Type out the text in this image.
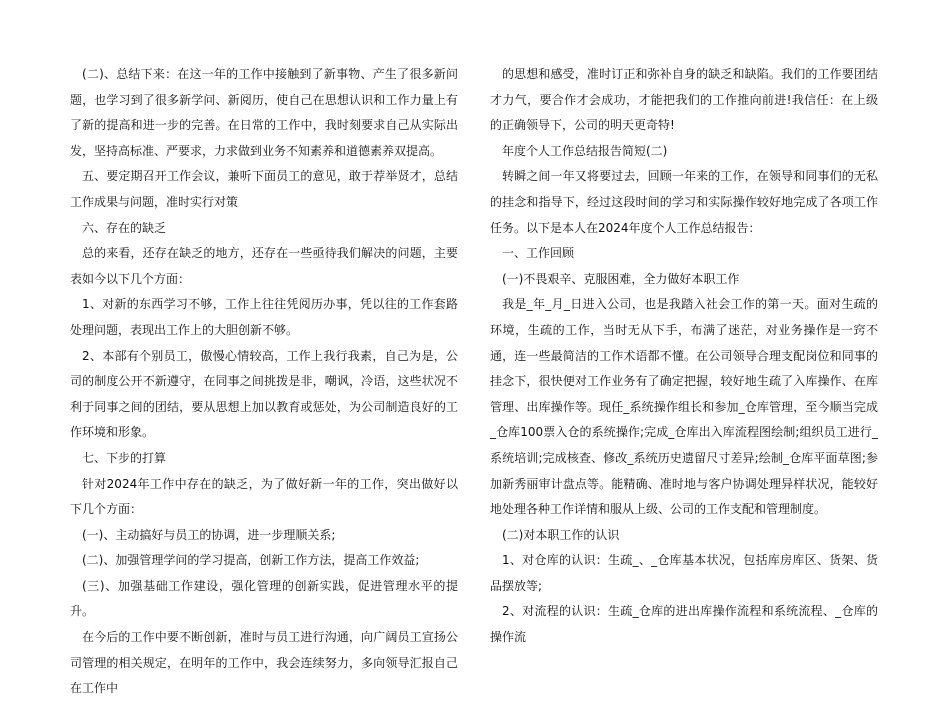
(二)、总结下来：在这一年的工作中接触到了新事物、产生了很多新问题，也学习到了很多新学问、新阅历，使自己在思想认识和工作力量上有了新的提高和进一步的完善。在日常的工作中，我时刻要求自己从实际出发，坚持高标准、严要求，力求做到业务不知素养和道德素养双提高。

五、要定期召开工作会议，兼听下面员工的意见，敢于荐举贤才，总结工作成果与问题，准时实行对策

六、存在的缺乏

总的来看，还存在缺乏的地方，还存在一些亟待我们解决的问题，主要表如今以下几个方面：

1、对新的东西学习不够，工作上往往凭阅历办事，凭以往的工作套路处理问题，表现出工作上的大胆创新不够。

2、本部有个别员工，傲慢心情较高，工作上我行我素，自己为是，公司的制度公开不新遵守，在同事之间挑拨是非，嘲讽，冷语，这些状况不利于同事之间的团结，要从思想上加以教育或惩处，为公司制造良好的工作环境和形象。

七、下步的打算

针对2024年工作中存在的缺乏，为了做好新一年的工作，突出做好以下几个方面：

(一)、主动搞好与员工的协调，进一步理顺关系;

(二)、加强管理学问的学习提高，创新工作方法，提高工作效益;

(三)、加强基础工作建设，强化管理的创新实践，促进管理水平的提升。

在今后的工作中要不断创新，准时与员工进行沟通，向广阔员工宣扬公司管理的相关规定，在明年的工作中，我会连续努力，多向领导汇报自己在工作中

的思想和感受，准时订正和弥补自身的缺乏和缺陷。我们的工作要团结才力气，要合作才会成功，才能把我们的工作推向前进!我信任：在上级的正确领导下，公司的明天更奇特!

年度个人工作总结报告简短(二)

转瞬之间一年又将要过去，回顾一年来的工作，在领导和同事们的无私的挂念和指导下，经过这段时间的学习和实际操作较好地完成了各项工作任务。以下是本人在2024年度个人工作总结报告：

一、工作回顾

(一)不畏艰辛、克服困难，全力做好本职工作

我是_年_月_日进入公司，也是我踏入社会工作的第一天。面对生疏的环境，生疏的工作，当时无从下手，布满了迷茫，对业务操作是一窍不通，连一些最简洁的工作术语都不懂。在公司领导合理支配岗位和同事的挂念下，很快便对工作业务有了确定把握，较好地生疏了入库操作、在库管理、出库操作等。现任_系统操作组长和参加_仓库管理，至今顺当完成_仓库100票入仓的系统操作;完成_仓库出入库流程图绘制;组织员工进行_系统培训;完成核查、修改_系统历史遗留尺寸差异;绘制_仓库平面草图;参加新秀丽审计盘点等。能精确、准时地与客户协调处理异样状况，能较好地处理各种工作详情和服从上级、公司的工作支配和管理制度。

(二)对本职工作的认识

1、对仓库的认识：生疏_、_仓库基本状况，包括库房库区、货架、货品摆放等;

2、对流程的认识：生疏_仓库的进出库操作流程和系统流程、_仓库的操作流
